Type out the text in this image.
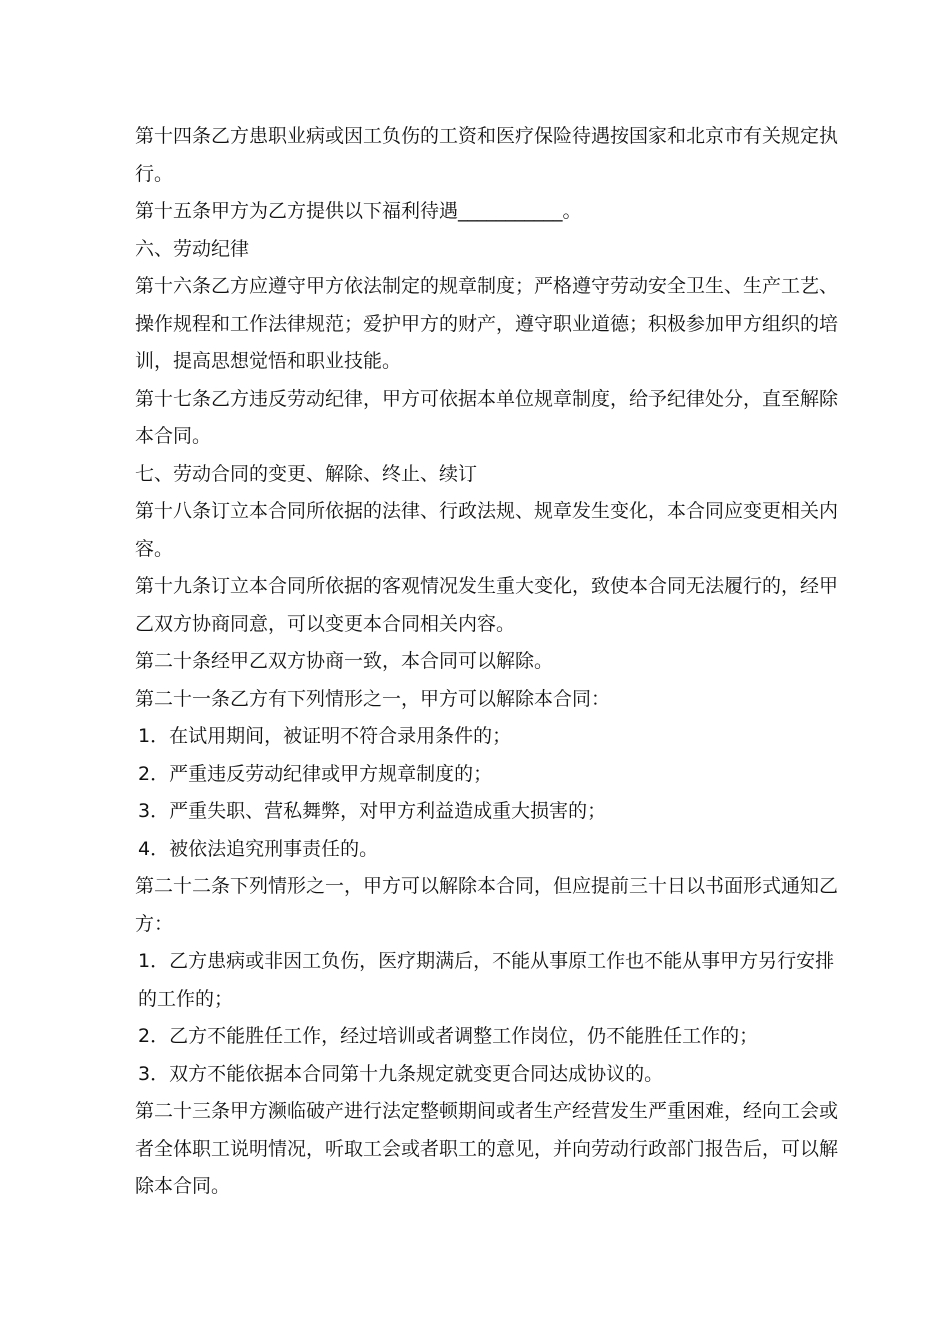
第十四条乙方患职业病或因工负伤的工资和医疗保险待遇按国家和北京市有关规定执行。

第十五条甲方为乙方提供以下福利待遇___________。

六、劳动纪律

第十六条乙方应遵守甲方依法制定的规章制度；严格遵守劳动安全卫生、生产工艺、操作规程和工作法律规范；爱护甲方的财产，遵守职业道德；积极参加甲方组织的培训，提高思想觉悟和职业技能。

第十七条乙方违反劳动纪律，甲方可依据本单位规章制度，给予纪律处分，直至解除本合同。

七、劳动合同的变更、解除、终止、续订

第十八条订立本合同所依据的法律、行政法规、规章发生变化，本合同应变更相关内容。

第十九条订立本合同所依据的客观情况发生重大变化，致使本合同无法履行的，经甲乙双方协商同意，可以变更本合同相关内容。

第二十条经甲乙双方协商一致，本合同可以解除。

第二十一条乙方有下列情形之一，甲方可以解除本合同：

1．在试用期间，被证明不符合录用条件的；

2．严重违反劳动纪律或甲方规章制度的；

3．严重失职、营私舞弊，对甲方利益造成重大损害的；

4．被依法追究刑事责任的。

第二十二条下列情形之一，甲方可以解除本合同，但应提前三十日以书面形式通知乙方：

1．乙方患病或非因工负伤，医疗期满后，不能从事原工作也不能从事甲方另行安排的工作的；

2．乙方不能胜任工作，经过培训或者调整工作岗位，仍不能胜任工作的；

3．双方不能依据本合同第十九条规定就变更合同达成协议的。

第二十三条甲方濒临破产进行法定整顿期间或者生产经营发生严重困难，经向工会或者全体职工说明情况，听取工会或者职工的意见，并向劳动行政部门报告后，可以解除本合同。
